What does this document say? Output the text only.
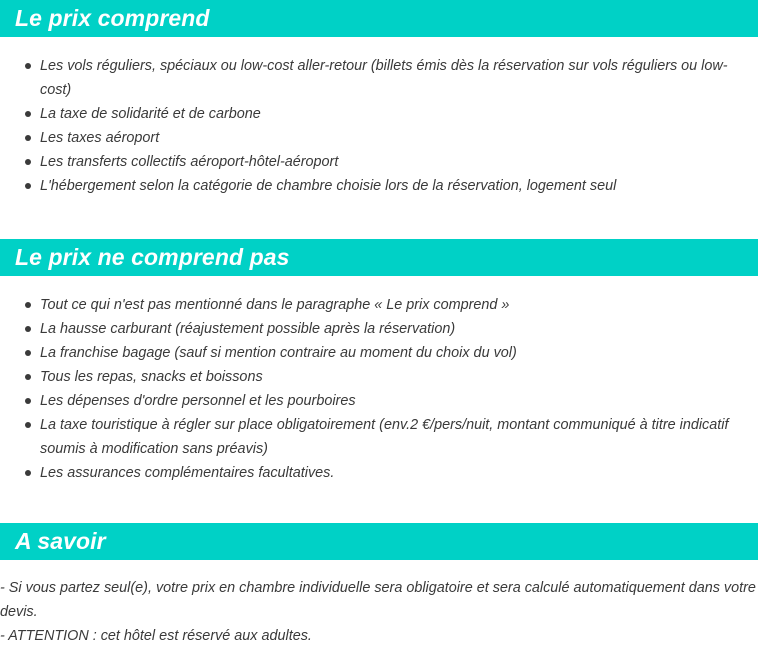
Le prix comprend
Les vols réguliers, spéciaux ou low-cost aller-retour (billets émis dès la réservation sur vols réguliers ou low-cost)
La taxe de solidarité et de carbone
Les taxes aéroport
Les transferts collectifs aéroport-hôtel-aéroport
L'hébergement selon la catégorie de chambre choisie lors de la réservation, logement seul
Le prix ne comprend pas
Tout ce qui n'est pas mentionné dans le paragraphe « Le prix comprend »
La hausse carburant (réajustement possible après la réservation)
La franchise bagage (sauf si mention contraire au moment du choix du vol)
Tous les repas, snacks et boissons
Les dépenses d'ordre personnel et les pourboires
La taxe touristique à régler sur place obligatoirement (env.2 €/pers/nuit, montant communiqué à titre indicatif soumis à modification sans préavis)
Les assurances complémentaires facultatives.
A savoir

- Si vous partez seul(e), votre prix en chambre individuelle sera obligatoire et sera calculé automatiquement dans votre devis.

- ATTENTION : cet hôtel est réservé aux adultes.
